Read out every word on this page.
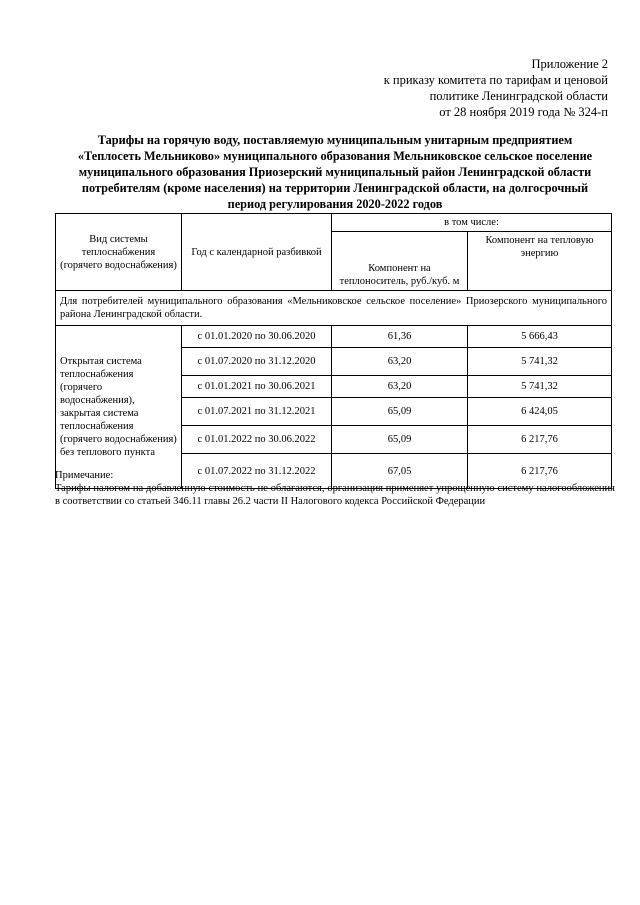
Приложение 2
к приказу комитета по тарифам и ценовой
политике Ленинградской области
от 28 ноября 2019 года № 324-п
Тарифы на горячую воду, поставляемую муниципальным унитарным предприятием
«Теплосеть Мельниково» муниципального образования Мельниковское сельское поселение
муниципального образования Приозерский муниципальный район Ленинградской области
потребителям (кроме населения) на территории Ленинградской области, на долгосрочный
период регулирования 2020-2022 годов
Вид системы теплоснабжения (горячего водоснабжения)	Год с календарной разбивкой	в том числе:	
		Компонент на теплоноситель, руб./куб. м	Компонент на тепловую энергию
Для потребителей муниципального образования «Мельниковское сельское поселение» Приозерского муниципального района Ленинградской области.			
Открытая система теплоснабжения (горячего водоснабжения), закрытая система теплоснабжения (горячего водоснабжения) без теплового пункта	с 01.01.2020 по 30.06.2020	61,36	5 666,43
	с 01.07.2020 по 31.12.2020	63,20	5 741,32
	с 01.01.2021 по 30.06.2021	63,20	5 741,32
	с 01.07.2021 по 31.12.2021	65,09	6 424,05
	с 01.01.2022 по 30.06.2022	65,09	6 217,76
	с 01.07.2022 по 31.12.2022	67,05	6 217,76
Примечание:
Тарифы налогом на добавленную стоимость не облагаются, организация применяет упрощенную систему налогообложения в соответствии со статьей 346.11 главы 26.2 части II Налогового кодекса Российской Федерации
